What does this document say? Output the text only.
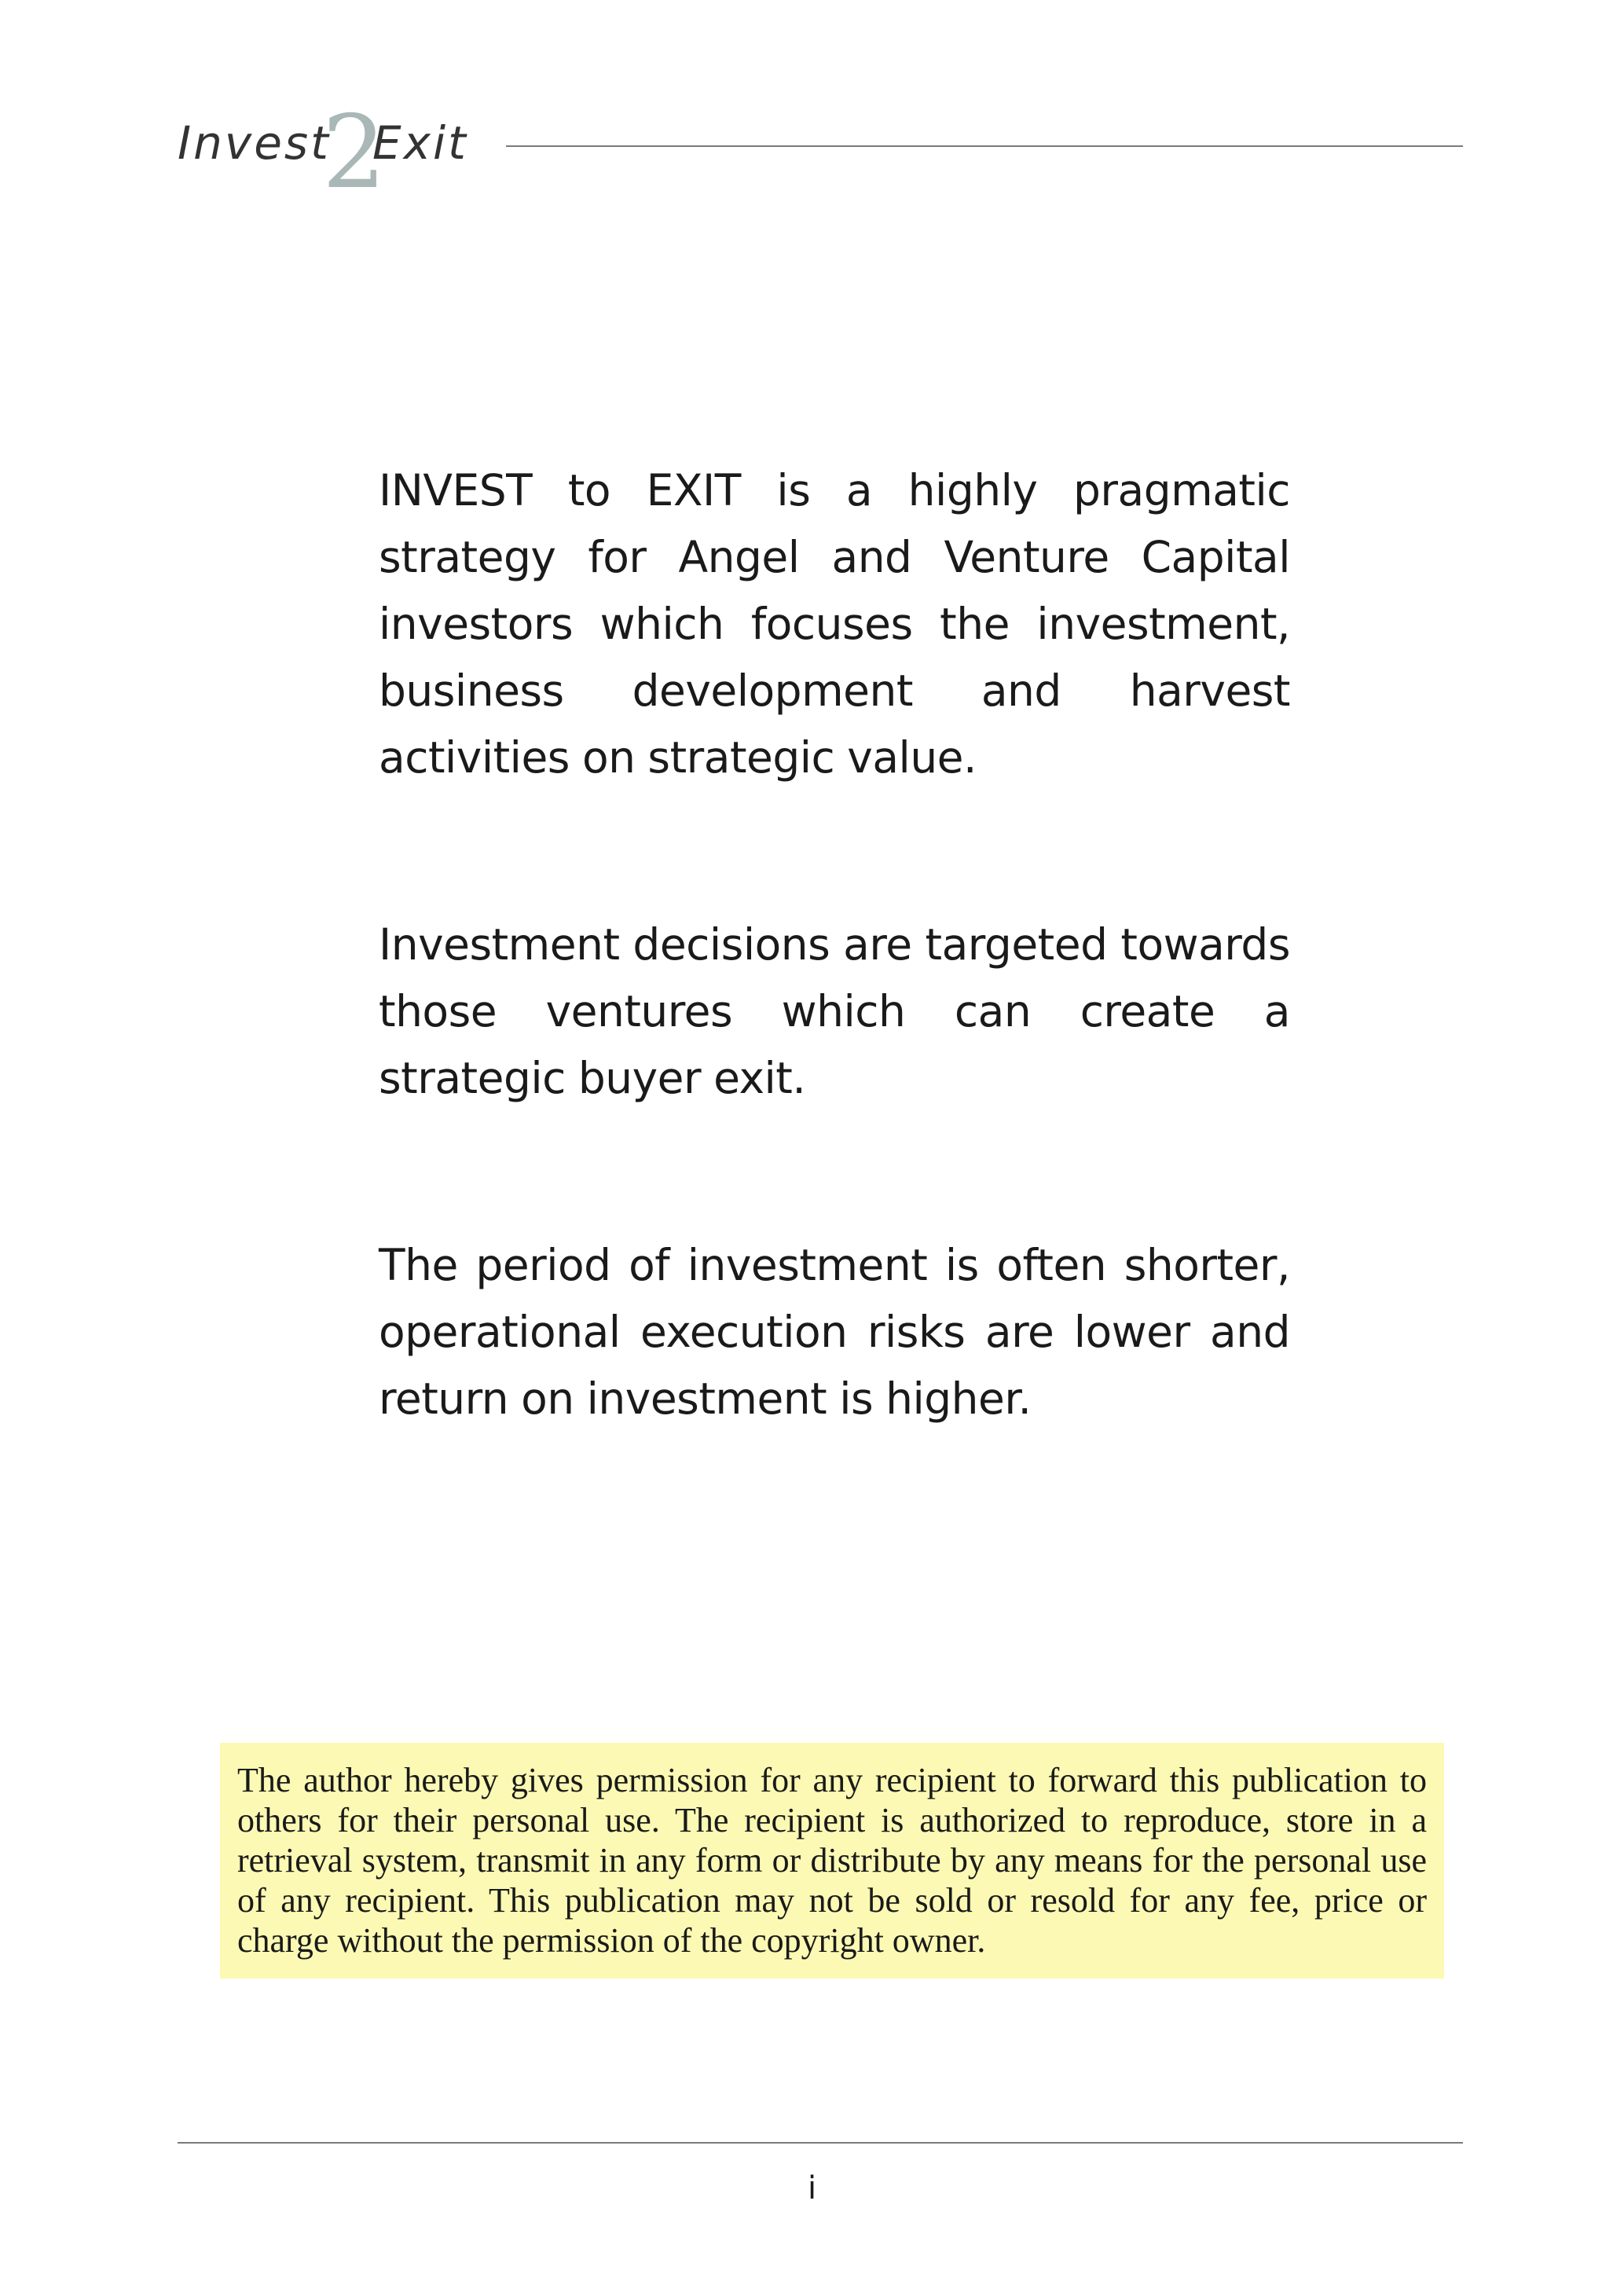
Invest
2
Exit

INVEST to EXIT is a highly pragmatic strategy for Angel and Venture Capital investors which focuses the investment, business development and harvest activities on strategic value.

Investment decisions are targeted towards those ventures which can create a strategic buyer exit.

The period of investment is often shorter, operational execution risks are lower and return on investment is higher.

The author hereby gives permission for any recipient to forward this publication to others for their personal use. The recipient is authorized to reproduce, store in a retrieval system, transmit in any form or distribute by any means for the personal use of any recipient. This publication may not be sold or resold for any fee, price or charge without the permission of the copyright owner.
i
